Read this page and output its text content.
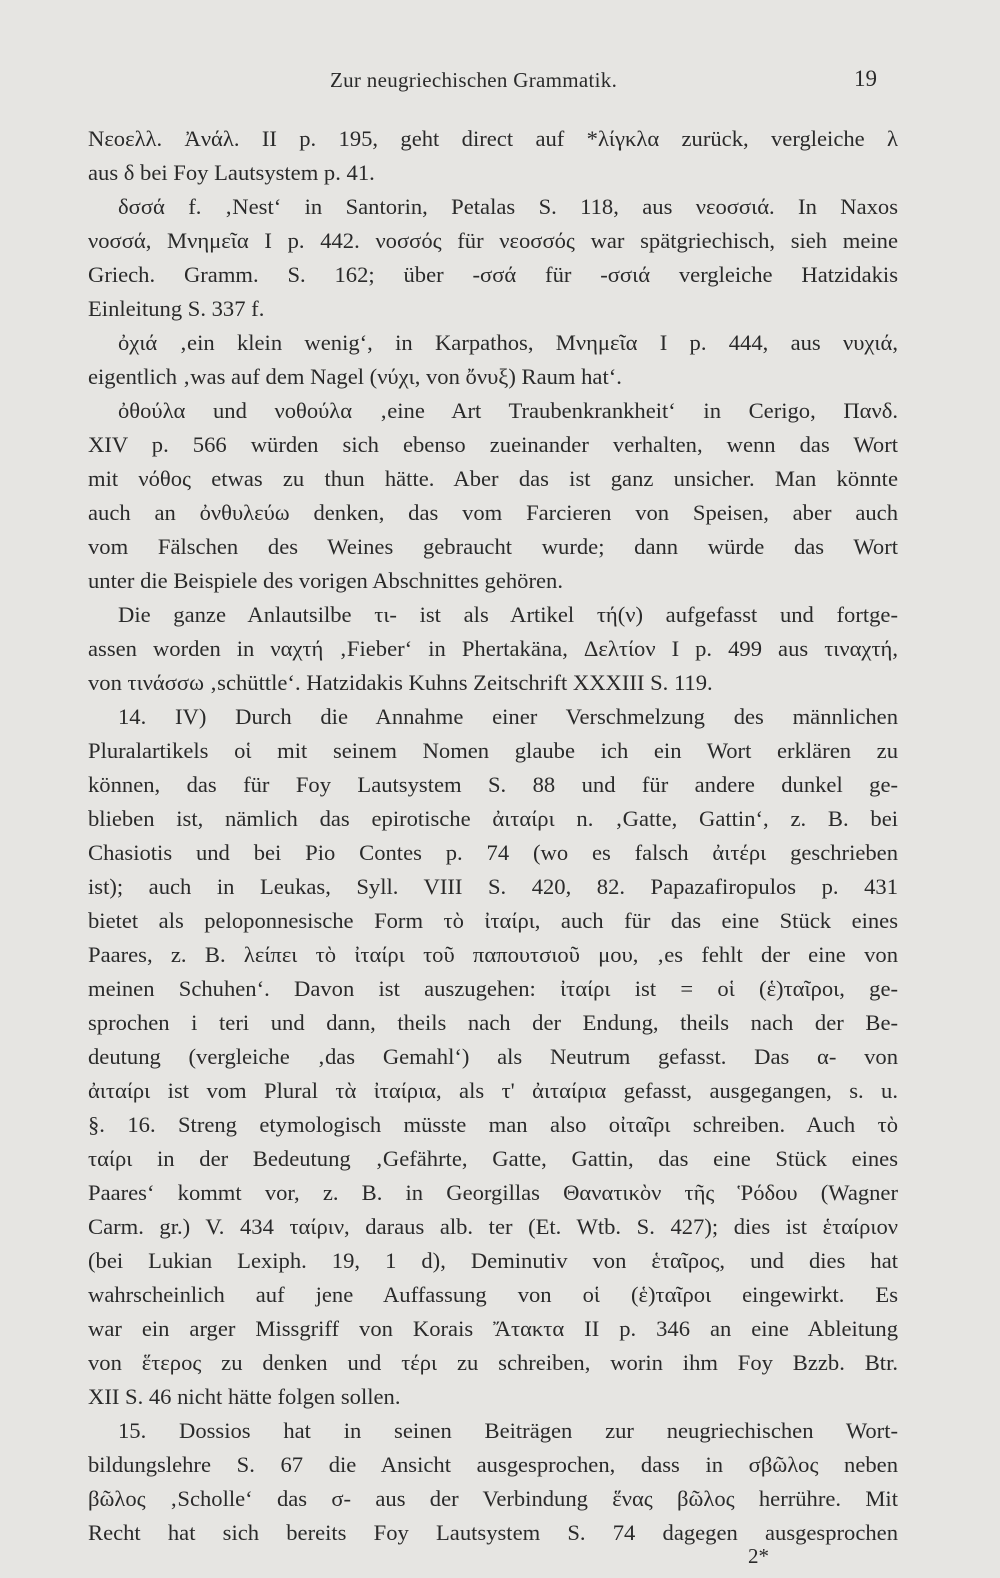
Zur neugriechischen Grammatik.	19
Νεοελλ. Ἀνάλ. II p. 195, geht direct auf *λίγκλα zurück, vergleiche λ
aus δ bei Foy Lautsystem p. 41.
δσσά f. ‚Nest‘ in Santorin, Petalas S. 118, aus νεοσσιά. In Naxos
νοσσά, Μνημεῖα I p. 442. νοσσός für νεοσσός war spätgriechisch, sieh meine
Griech. Gramm. S. 162; über -σσά für -σσιά vergleiche Hatzidakis
Einleitung S. 337 f.
ὀχιά ‚ein klein wenig‘, in Karpathos, Μνημεῖα I p. 444, aus νυχιά,
eigentlich ‚was auf dem Nagel (νύχι, von ὄνυξ) Raum hat‘.
ὀθούλα und νοθούλα ‚eine Art Traubenkrankheit‘ in Cerigo, Πανδ.
XIV p. 566 würden sich ebenso zueinander verhalten, wenn das Wort
mit νόθος etwas zu thun hätte. Aber das ist ganz unsicher. Man könnte
auch an ὀνθυλεύω denken, das vom Farcieren von Speisen, aber auch
vom Fälschen des Weines gebraucht wurde; dann würde das Wort
unter die Beispiele des vorigen Abschnittes gehören.
Die ganze Anlautsilbe τι- ist als Artikel τή(ν) aufgefasst und fortge-
assen worden in ναχτή ‚Fieber‘ in Phertakäna, Δελτίον I p. 499 aus τιναχτή,
von τινάσσω ‚schüttle‘. Hatzidakis Kuhns Zeitschrift XXXIII S. 119.
14. IV) Durch die Annahme einer Verschmelzung des männlichen
Pluralartikels οἱ mit seinem Nomen glaube ich ein Wort erklären zu
können, das für Foy Lautsystem S. 88 und für andere dunkel ge-
blieben ist, nämlich das epirotische ἀιταίρι n. ‚Gatte, Gattin‘, z. B. bei
Chasiotis und bei Pio Contes p. 74 (wo es falsch ἀιτέρι geschrieben
ist); auch in Leukas, Syll. VIII S. 420, 82. Papazafiropulos p. 431
bietet als peloponnesische Form τὸ ἰταίρι, auch für das eine Stück eines
Paares, z. B. λείπει τὸ ἰταίρι τοῦ παπουτσιοῦ μου, ‚es fehlt der eine von
meinen Schuhen‘. Davon ist auszugehen: ἰταίρι ist = οἱ (ἑ)ταῖροι, ge-
sprochen i teri und dann, theils nach der Endung, theils nach der Be-
deutung (vergleiche ‚das Gemahl‘) als Neutrum gefasst. Das α- von
ἀιταίρι ist vom Plural τὰ ἰταίρια, als τ' ἀιταίρια gefasst, ausgegangen, s. u.
§. 16. Streng etymologisch müsste man also οἰταῖρι schreiben. Auch τὸ
ταίρι in der Bedeutung ‚Gefährte, Gatte, Gattin, das eine Stück eines
Paares‘ kommt vor, z. B. in Georgillas Θανατικὸν τῆς Ῥόδου (Wagner
Carm. gr.) V. 434 ταίριν, daraus alb. ter (Et. Wtb. S. 427); dies ist ἑταίριον
(bei Lukian Lexiph. 19, 1 d), Deminutiv von ἑταῖρος, und dies hat
wahrscheinlich auf jene Auffassung von οἱ (ἑ)ταῖροι eingewirkt. Es
war ein arger Missgriff von Korais Ἄτακτα II p. 346 an eine Ableitung
von ἕτερος zu denken und τέρι zu schreiben, worin ihm Foy Bzzb. Btr.
XII S. 46 nicht hätte folgen sollen.
15. Dossios hat in seinen Beiträgen zur neugriechischen Wort-
bildungslehre S. 67 die Ansicht ausgesprochen, dass in σβῶλος neben
βῶλος ‚Scholle‘ das σ- aus der Verbindung ἕνας βῶλος herrühre. Mit
Recht hat sich bereits Foy Lautsystem S. 74 dagegen ausgesprochen
2*
